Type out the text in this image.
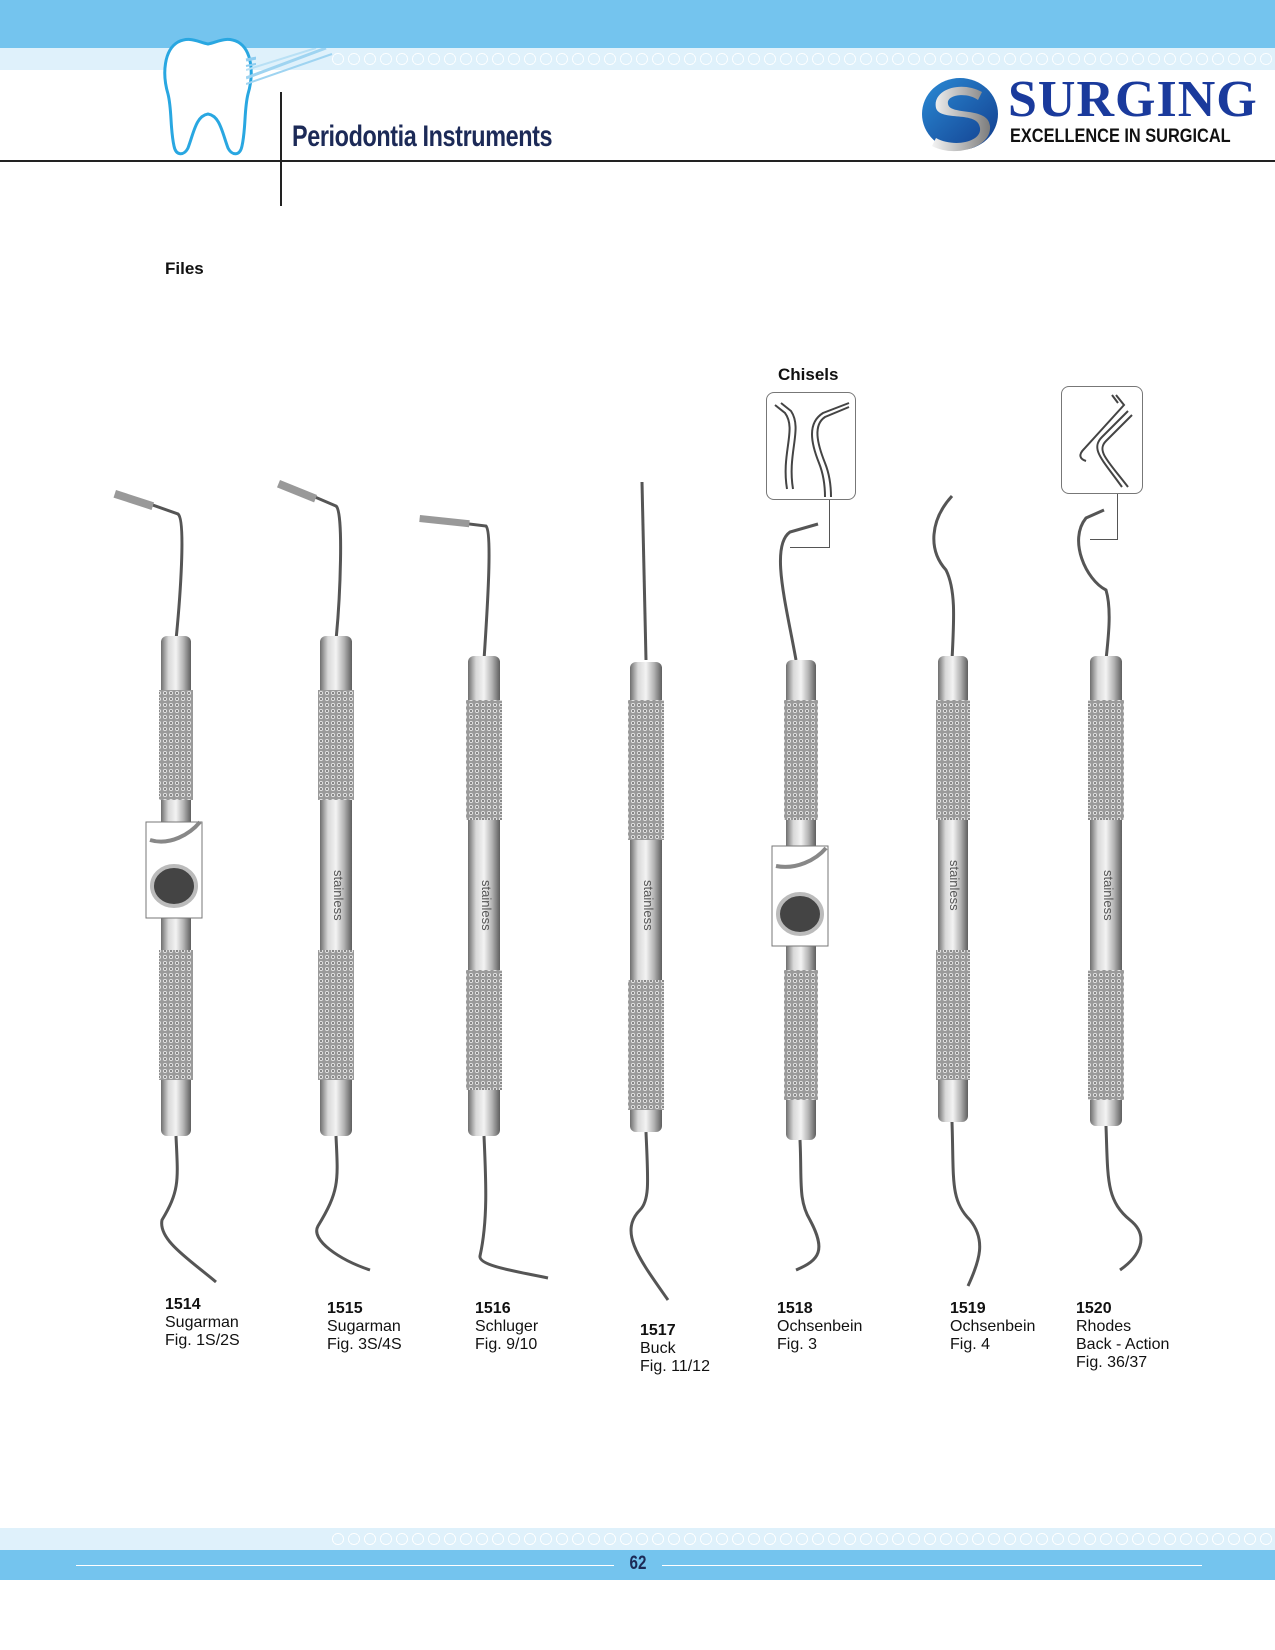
Periodontia Instruments
SURGING
EXCELLENCE IN SURGICAL
Files
Chisels
stainless	stainless	stainless	stainless	stainless
1514
Sugarman
Fig. 1S/2S
1515
Sugarman
Fig. 3S/4S
1516
Schluger
Fig. 9/10
1517
Buck
Fig. 11/12
1518
Ochsenbein
Fig. 3
1519
Ochsenbein
Fig. 4
1520
Rhodes
Back - Action
Fig. 36/37
62
